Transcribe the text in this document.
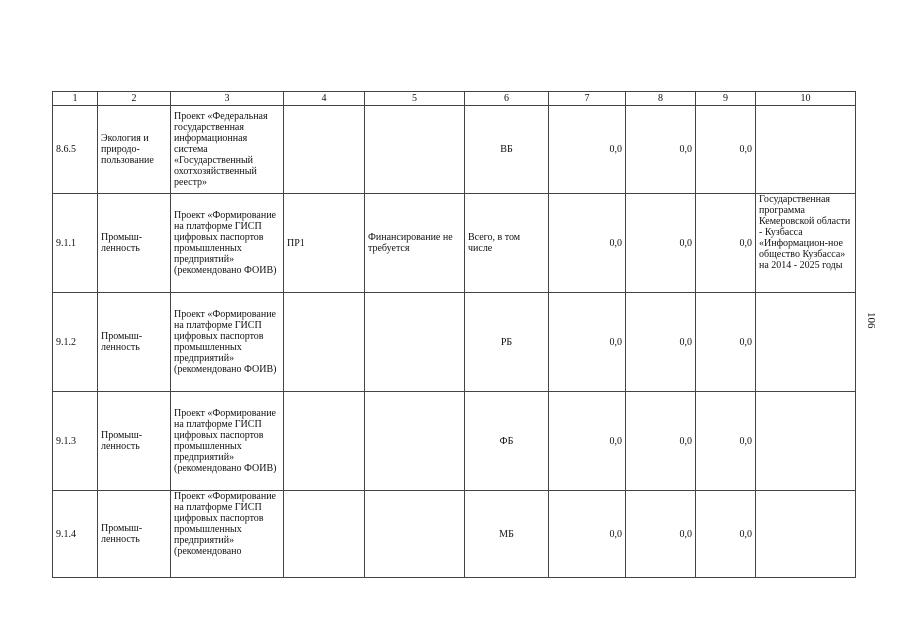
1	2	3	4	5	6	7	8	9	10
8.6.5	Экология и природо-пользование	Проект «Федеральная государственная информационная система «Государственный охотхозяйственный реестр»			ВБ	0,0	0,0	0,0	
9.1.1	Промыш-ленность	Проект «Формирование на платформе ГИСП цифровых паспортов промышленных предприятий» (рекомендовано ФОИВ)	ПР1	Финансирование не требуется	Всего, в том числе	0,0	0,0	0,0	Государственная программа Кемеровской области - Кузбасса «Информацион-ное общество Кузбасса» на 2014 - 2025 годы
9.1.2	Промыш-ленность	Проект «Формирование на платформе ГИСП цифровых паспортов промышленных предприятий» (рекомендовано ФОИВ)			РБ	0,0	0,0	0,0	
9.1.3	Промыш-ленность	Проект «Формирование на платформе ГИСП цифровых паспортов промышленных предприятий» (рекомендовано ФОИВ)			ФБ	0,0	0,0	0,0	
9.1.4	Промыш-ленность	Проект «Формирование на платформе ГИСП цифровых паспортов промышленных предприятий» (рекомендовано			МБ	0,0	0,0	0,0	
106
